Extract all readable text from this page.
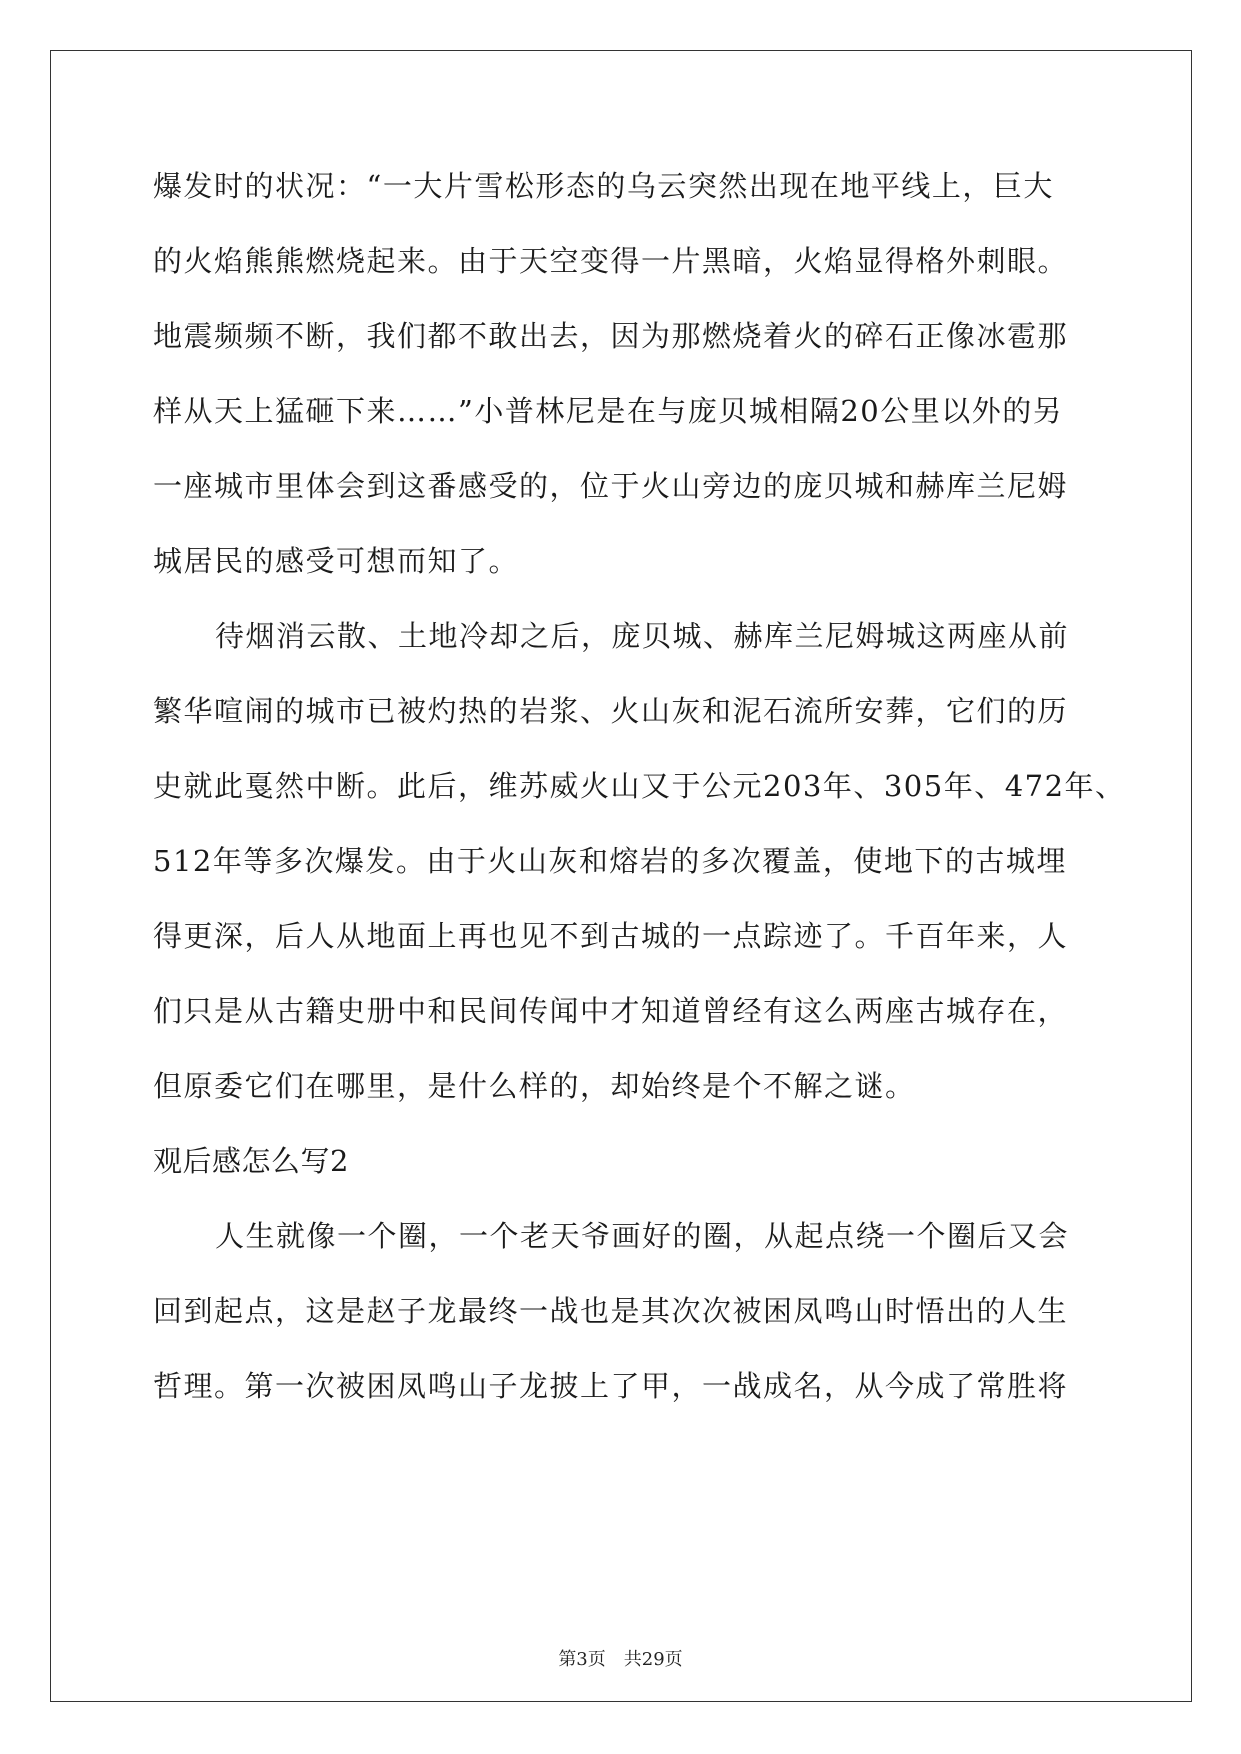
爆发时的状况：“一大片雪松形态的乌云突然出现在地平线上，巨大
的火焰熊熊燃烧起来。由于天空变得一片黑暗，火焰显得格外刺眼。
地震频频不断，我们都不敢出去，因为那燃烧着火的碎石正像冰雹那
样从天上猛砸下来……”小普林尼是在与庞贝城相隔20公里以外的另
一座城市里体会到这番感受的，位于火山旁边的庞贝城和赫库兰尼姆
城居民的感受可想而知了。
待烟消云散、土地冷却之后，庞贝城、赫库兰尼姆城这两座从前
繁华喧闹的城市已被灼热的岩浆、火山灰和泥石流所安葬，它们的历
史就此戛然中断。此后，维苏威火山又于公元203年、305年、472年、
512年等多次爆发。由于火山灰和熔岩的多次覆盖，使地下的古城埋
得更深，后人从地面上再也见不到古城的一点踪迹了。千百年来，人
们只是从古籍史册中和民间传闻中才知道曾经有这么两座古城存在，
但原委它们在哪里，是什么样的，却始终是个不解之谜。
观后感怎么写2
人生就像一个圈，一个老天爷画好的圈，从起点绕一个圈后又会
回到起点，这是赵子龙最终一战也是其次次被困凤鸣山时悟出的人生
哲理。第一次被困凤鸣山子龙披上了甲，一战成名，从今成了常胜将
第3页 共29页
